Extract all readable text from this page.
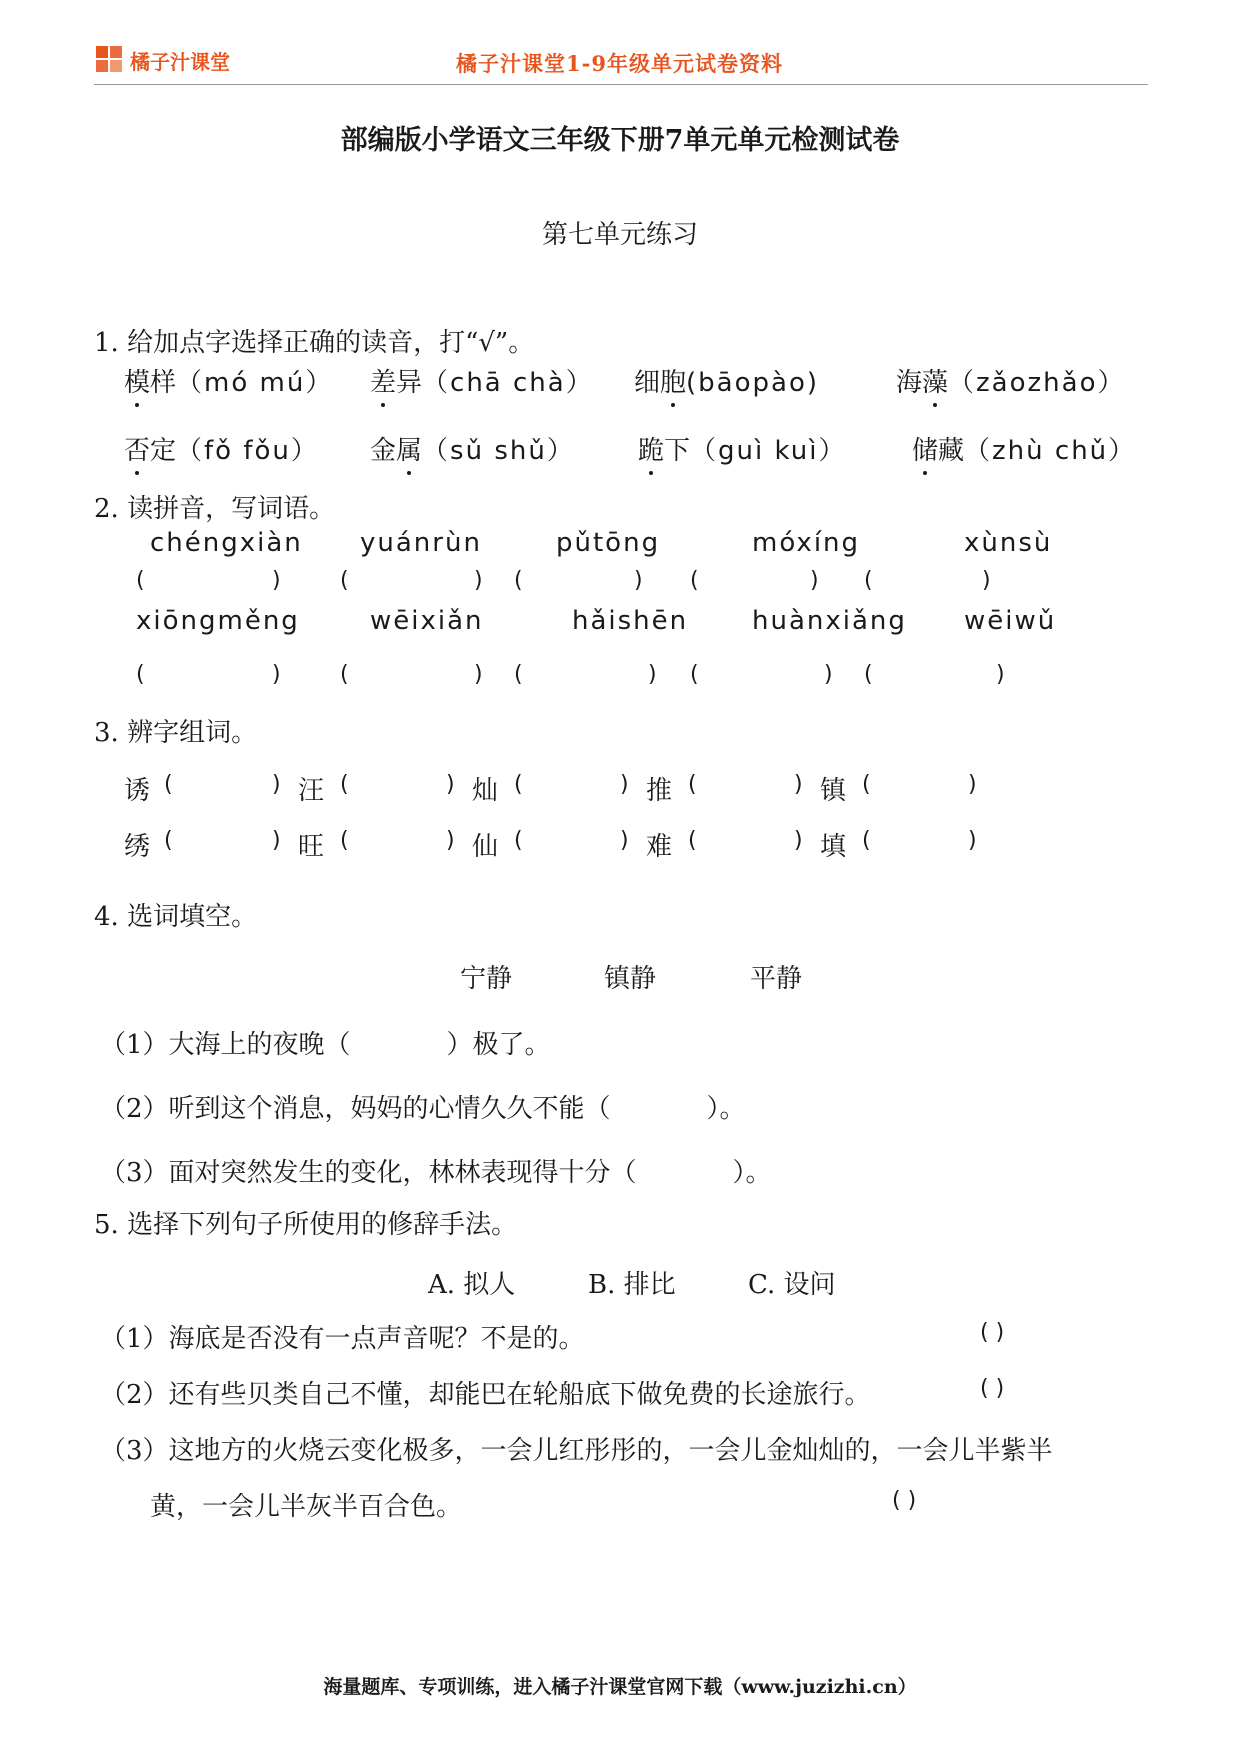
橘子汁课堂	橘子汁课堂1-9年级单元试卷资料
部编版小学语文三年级下册7单元单元检测试卷
第七单元练习
1. 给加点字选择正确的读音，打“√”。
模样（mó mú） 差异（chā chà） 细胞(bāopào)	海藻（zǎozhǎo）
否定（fǒ fǒu） 金属（sǔ shǔ） 跪下（guì kuì）	储藏（zhù chǔ）
2. 读拼音，写词语。
chéngxiàn yuánrùn	pǔtōng	móxíng	xùnsù
(	)	(	) (	) (	) (	)
xiōngměng	wēixiǎn	hǎishēn huànxiǎng wēiwǔ
(	)	(	) (	) (	) (	)
3. 辨字组词。
诱 (	) 汪 (	) 灿 (	) 推 (	) 镇 (	)
绣 (	) 旺 (	) 仙 (	) 难 (	) 填 (	)
4. 选词填空。
宁静	镇静	平静
（1）大海上的夜晚（	）极了。
（2）听到这个消息，妈妈的心情久久不能（	）。
（3）面对突然发生的变化，林林表现得十分（	）。
5. 选择下列句子所使用的修辞手法。
A. 拟人	B. 排比	C. 设问
（1）海底是否没有一点声音呢？不是的。	( )
（2）还有些贝类自己不懂，却能巴在轮船底下做免费的长途旅行。	( )
（3）这地方的火烧云变化极多，一会儿红彤彤的，一会儿金灿灿的，一会儿半紫半
黄，一会儿半灰半百合色。	( )
海量题库、专项训练，进入橘子汁课堂官网下载（www.juzizhi.cn）
